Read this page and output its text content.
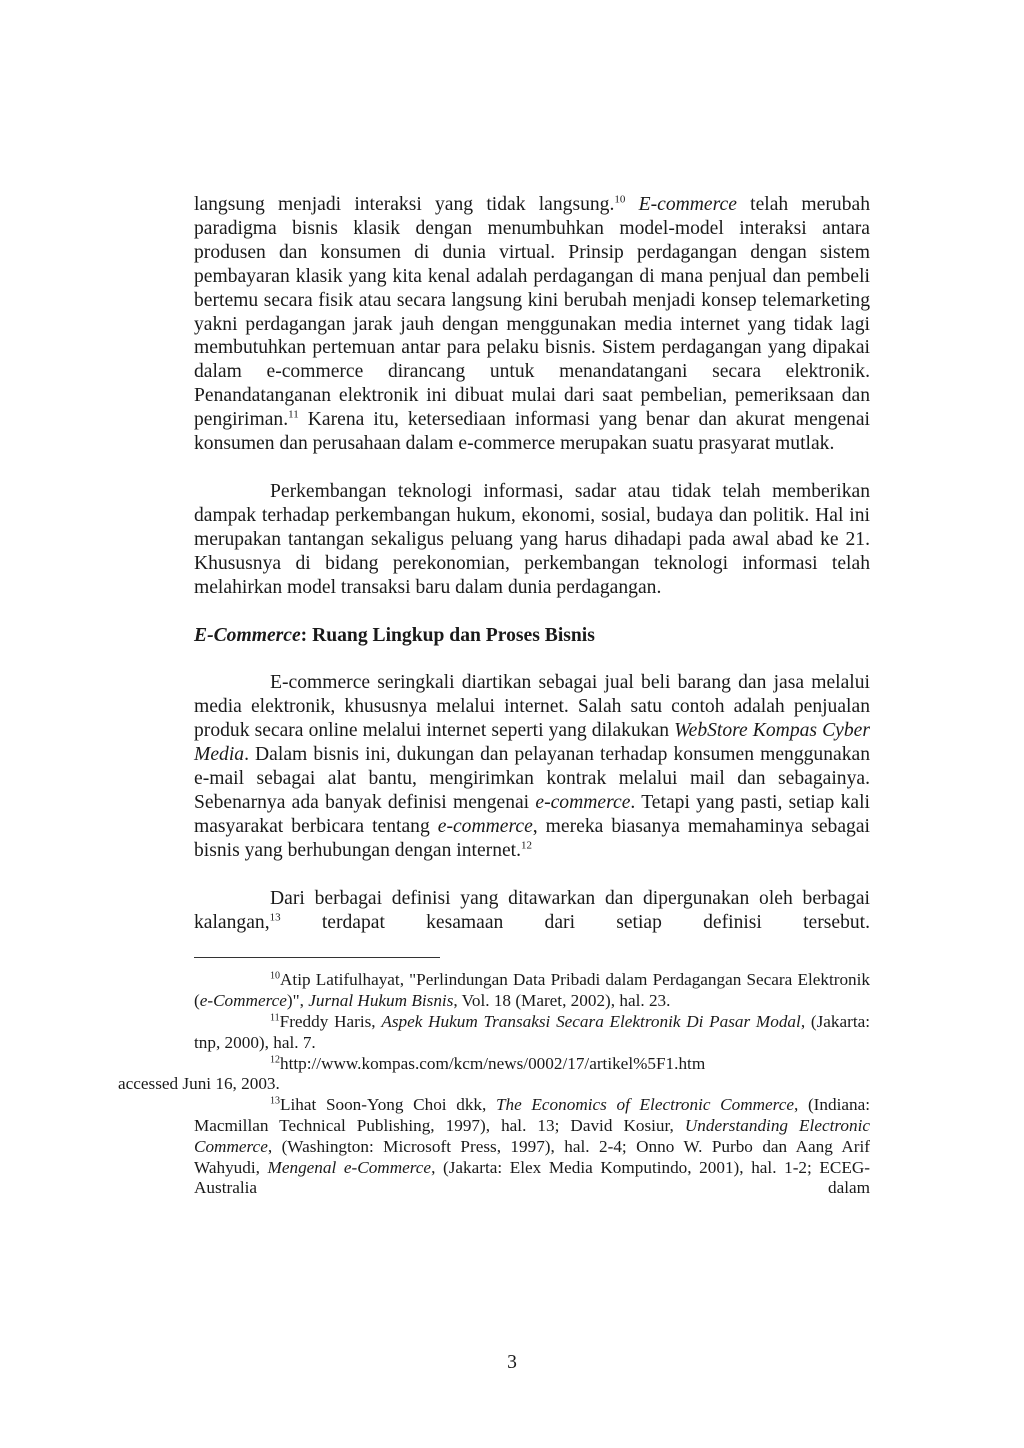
langsung menjadi interaksi yang tidak langsung.$^{10}$ E-commerce telah merubah paradigma bisnis klasik dengan menumbuhkan model-model interaksi antara produsen dan konsumen di dunia virtual. Prinsip perdagangan dengan sistem pembayaran klasik yang kita kenal adalah perdagangan di mana penjual dan pembeli bertemu secara fisik atau secara langsung kini berubah menjadi konsep telemarketing yakni perdagangan jarak jauh dengan menggunakan media internet yang tidak lagi membutuhkan pertemuan antar para pelaku bisnis. Sistem perdagangan yang dipakai dalam e-commerce dirancang untuk menandatangani secara elektronik. Penandatanganan elektronik ini dibuat mulai dari saat pembelian, pemeriksaan dan pengiriman.$^{11}$ Karena itu, ketersediaan informasi yang benar dan akurat mengenai konsumen dan perusahaan dalam e-commerce merupakan suatu prasyarat mutlak.

Perkembangan teknologi informasi, sadar atau tidak telah memberikan dampak terhadap perkembangan hukum, ekonomi, sosial, budaya dan politik. Hal ini merupakan tantangan sekaligus peluang yang harus dihadapi pada awal abad ke 21. Khususnya di bidang perekonomian, perkembangan teknologi informasi telah melahirkan model transaksi baru dalam dunia perdagangan.

E-Commerce: Ruang Lingkup dan Proses Bisnis

E-commerce seringkali diartikan sebagai jual beli barang dan jasa melalui media elektronik, khususnya melalui internet. Salah satu contoh adalah penjualan produk secara online melalui internet seperti yang dilakukan WebStore Kompas Cyber Media. Dalam bisnis ini, dukungan dan pelayanan terhadap konsumen menggunakan e-mail sebagai alat bantu, mengirimkan kontrak melalui mail dan sebagainya. Sebenarnya ada banyak definisi mengenai e-commerce. Tetapi yang pasti, setiap kali masyarakat berbicara tentang e-commerce, mereka biasanya memahaminya sebagai bisnis yang berhubungan dengan internet.$^{12}$

Dari berbagai definisi yang ditawarkan dan dipergunakan oleh berbagai kalangan,$^{13}$ terdapat kesamaan dari setiap definisi tersebut.

$^{10}$Atip Latifulhayat, "Perlindungan Data Pribadi dalam Perdagangan Secara Elektronik (e-Commerce)", Jurnal Hukum Bisnis, Vol. 18 (Maret, 2002), hal. 23.

$^{11}$Freddy Haris, Aspek Hukum Transaksi Secara Elektronik Di Pasar Modal, (Jakarta: tnp, 2000), hal. 7.

$^{12}$http://www.kompas.com/kcm/news/0002/17/artikel%5F1.htm
accessed Juni 16, 2003.

$^{13}$Lihat Soon-Yong Choi dkk, The Economics of Electronic Commerce, (Indiana: Macmillan Technical Publishing, 1997), hal. 13; David Kosiur, Understanding Electronic Commerce, (Washington: Microsoft Press, 1997), hal. 2-4; Onno W. Purbo dan Aang Arif Wahyudi, Mengenal e-Commerce, (Jakarta: Elex Media Komputindo, 2001), hal. 1-2; ECEG-Australia dalam

3
